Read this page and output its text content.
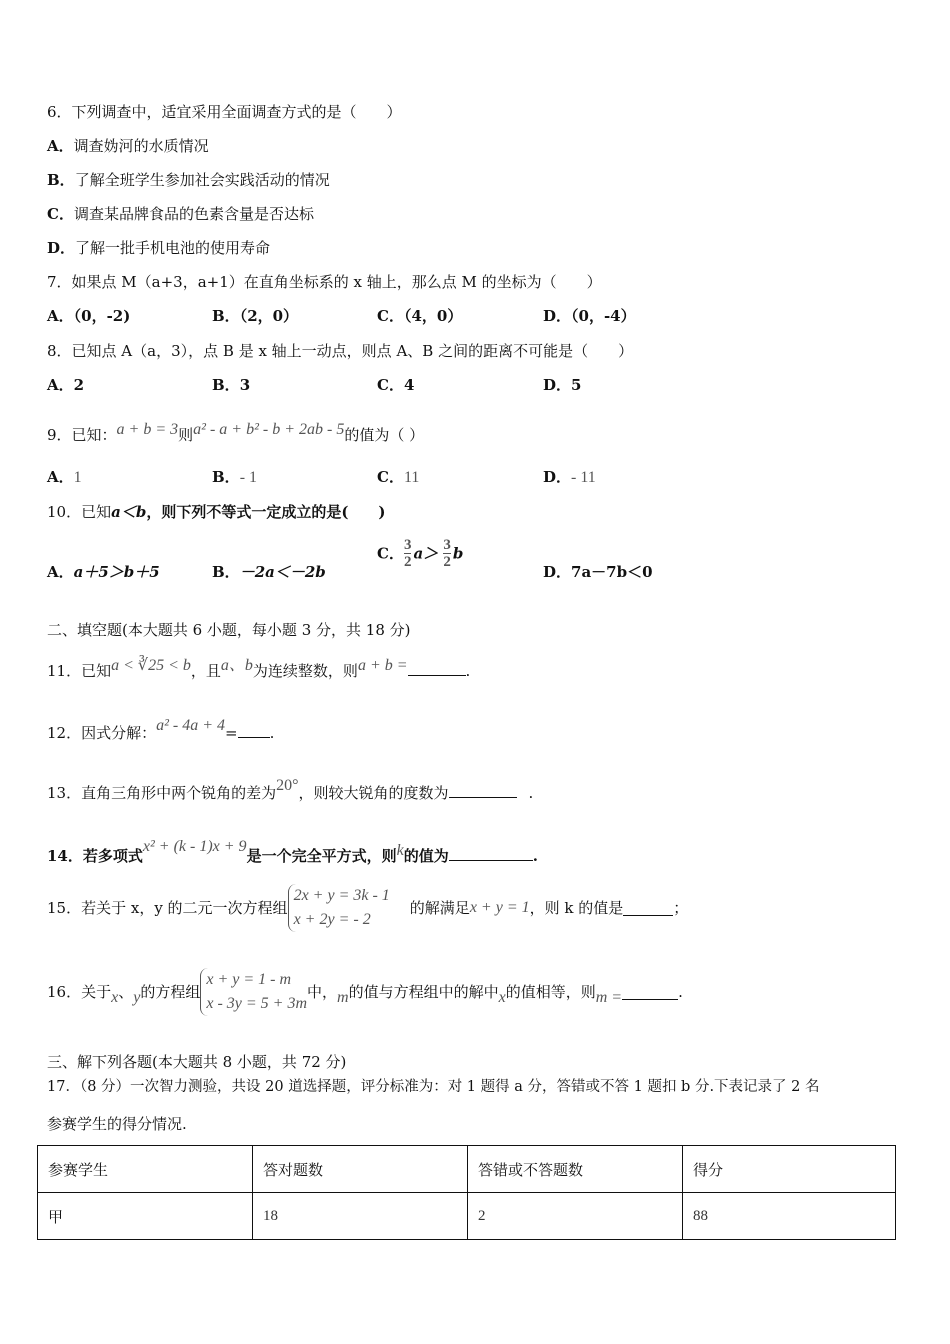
6．下列调查中，适宜采用全面调查方式的是（　　）
A．调查妫河的水质情况
B．了解全班学生参加社会实践活动的情况
C．调查某品牌食品的色素含量是否达标
D．了解一批手机电池的使用寿命
7．如果点 M（a+3，a+1）在直角坐标系的 x 轴上，那么点 M 的坐标为（　　）
A．（0，-2)	B．（2，0）	C．（4，0）	D．（0，-4）
8．已知点 A（a，3），点 B 是 x 轴上一动点，则点 A、B 之间的距离不可能是（　　）
A．2	B．3	C．4	D．5
9．已知：a + b = 3则a² - a + b² - b + 2ab - 5的值为（ ）
A．1	B．- 1	C．11	D．- 11
10．已知a＜b，则下列不等式一定成立的是(　　)
A．a＋5＞b＋5	B．－2a＜－2b
C． $\frac{3}{2} a> \frac{3}{2}$ b
D．7a－7b＜0
二、填空题(本大题共 6 小题，每小题 3 分，共 18 分)
11．已知a < ∛25 < b，且a、b为连续整数，则a + b =	.
12．因式分解：a² - 4a + 4= .
13．直角三角形中两个锐角的差为20°，则较大锐角的度数为	.
14．若多项式x² + (k - 1)x + 9是一个完全平方式，则k的值为	.
15．若关于 x，y 的二元一次方程组
2x + y = 3k - 1
x + 2y = - 2
的解满足x + y = 1，则 k 的值是	；
16．关于x、y的方程组
x + y = 1 - m
x - 3y = 5 + 3m
中，m的值与方程组中的解中x的值相等，则m =	.
三、解下列各题(本大题共 8 小题，共 72 分)
17．（8 分）一次智力测验，共设 20 道选择题，评分标准为：对 1 题得 a 分，答错或不答 1 题扣 b 分.下表记录了 2 名
参赛学生的得分情况.
参赛学生	答对题数	答错或不答题数	得分
甲	18	2	88
